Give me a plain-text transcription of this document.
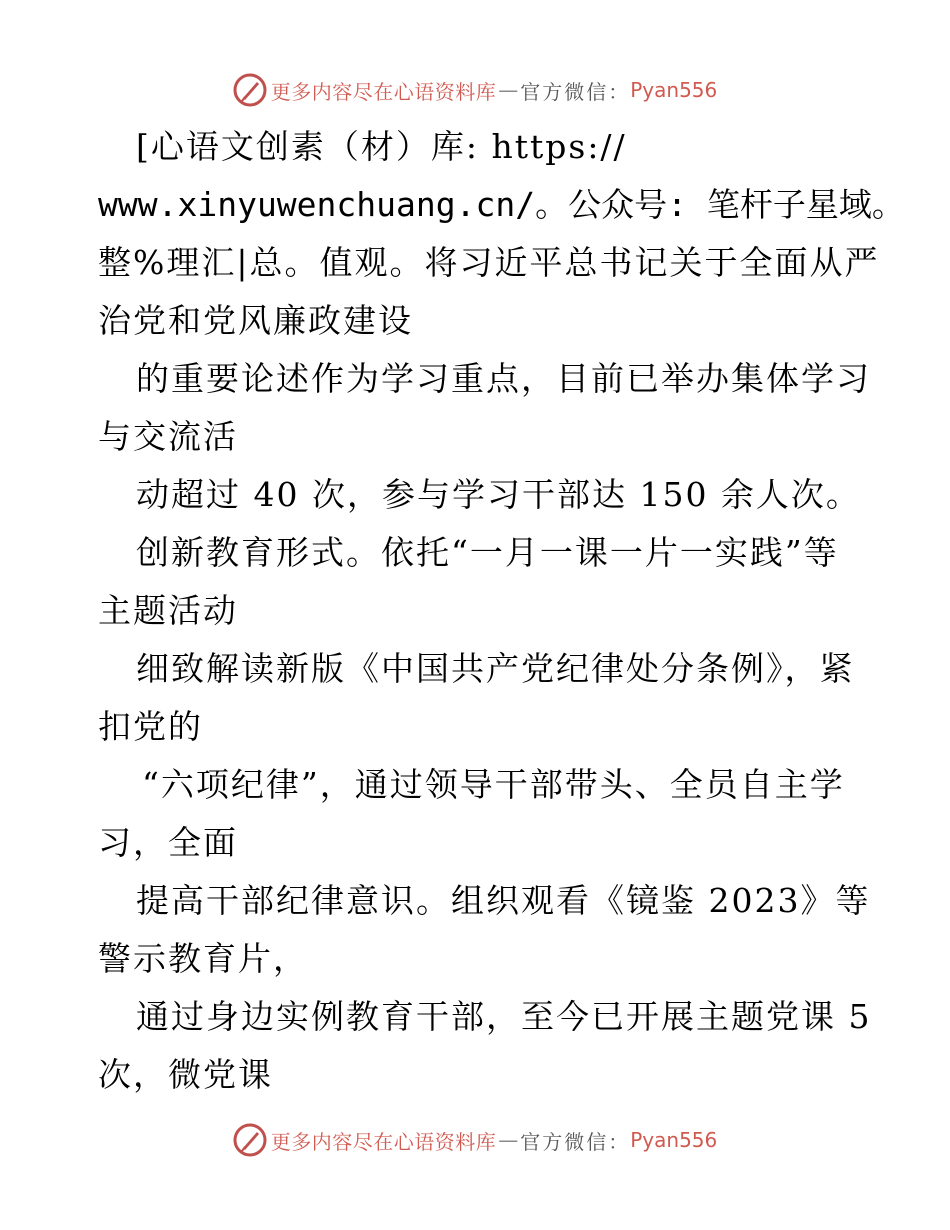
更多内容尽在心语资料库 — 官方微信： Pyan556
[心语文创素（材）库: https://
www.xinyuwenchuang.cn/。公众号: 笔杆子星域。
整%理汇|总。值观。将习近平总书记关于全面从严
治党和党风廉政建设
的重要论述作为学习重点，目前已举办集体学习
与交流活
动超过 40 次，参与学习干部达 150 余人次。
创新教育形式。依托“一月一课一片一实践”等
主题活动
细致解读新版《中国共产党纪律处分条例》，紧
扣党的
“六项纪律”，通过领导干部带头、全员自主学
习，全面
提高干部纪律意识。组织观看《镜鉴 2023》等
警示教育片，
通过身边实例教育干部，至今已开展主题党课 5
次，微党课
更多内容尽在心语资料库 — 官方微信： Pyan556
